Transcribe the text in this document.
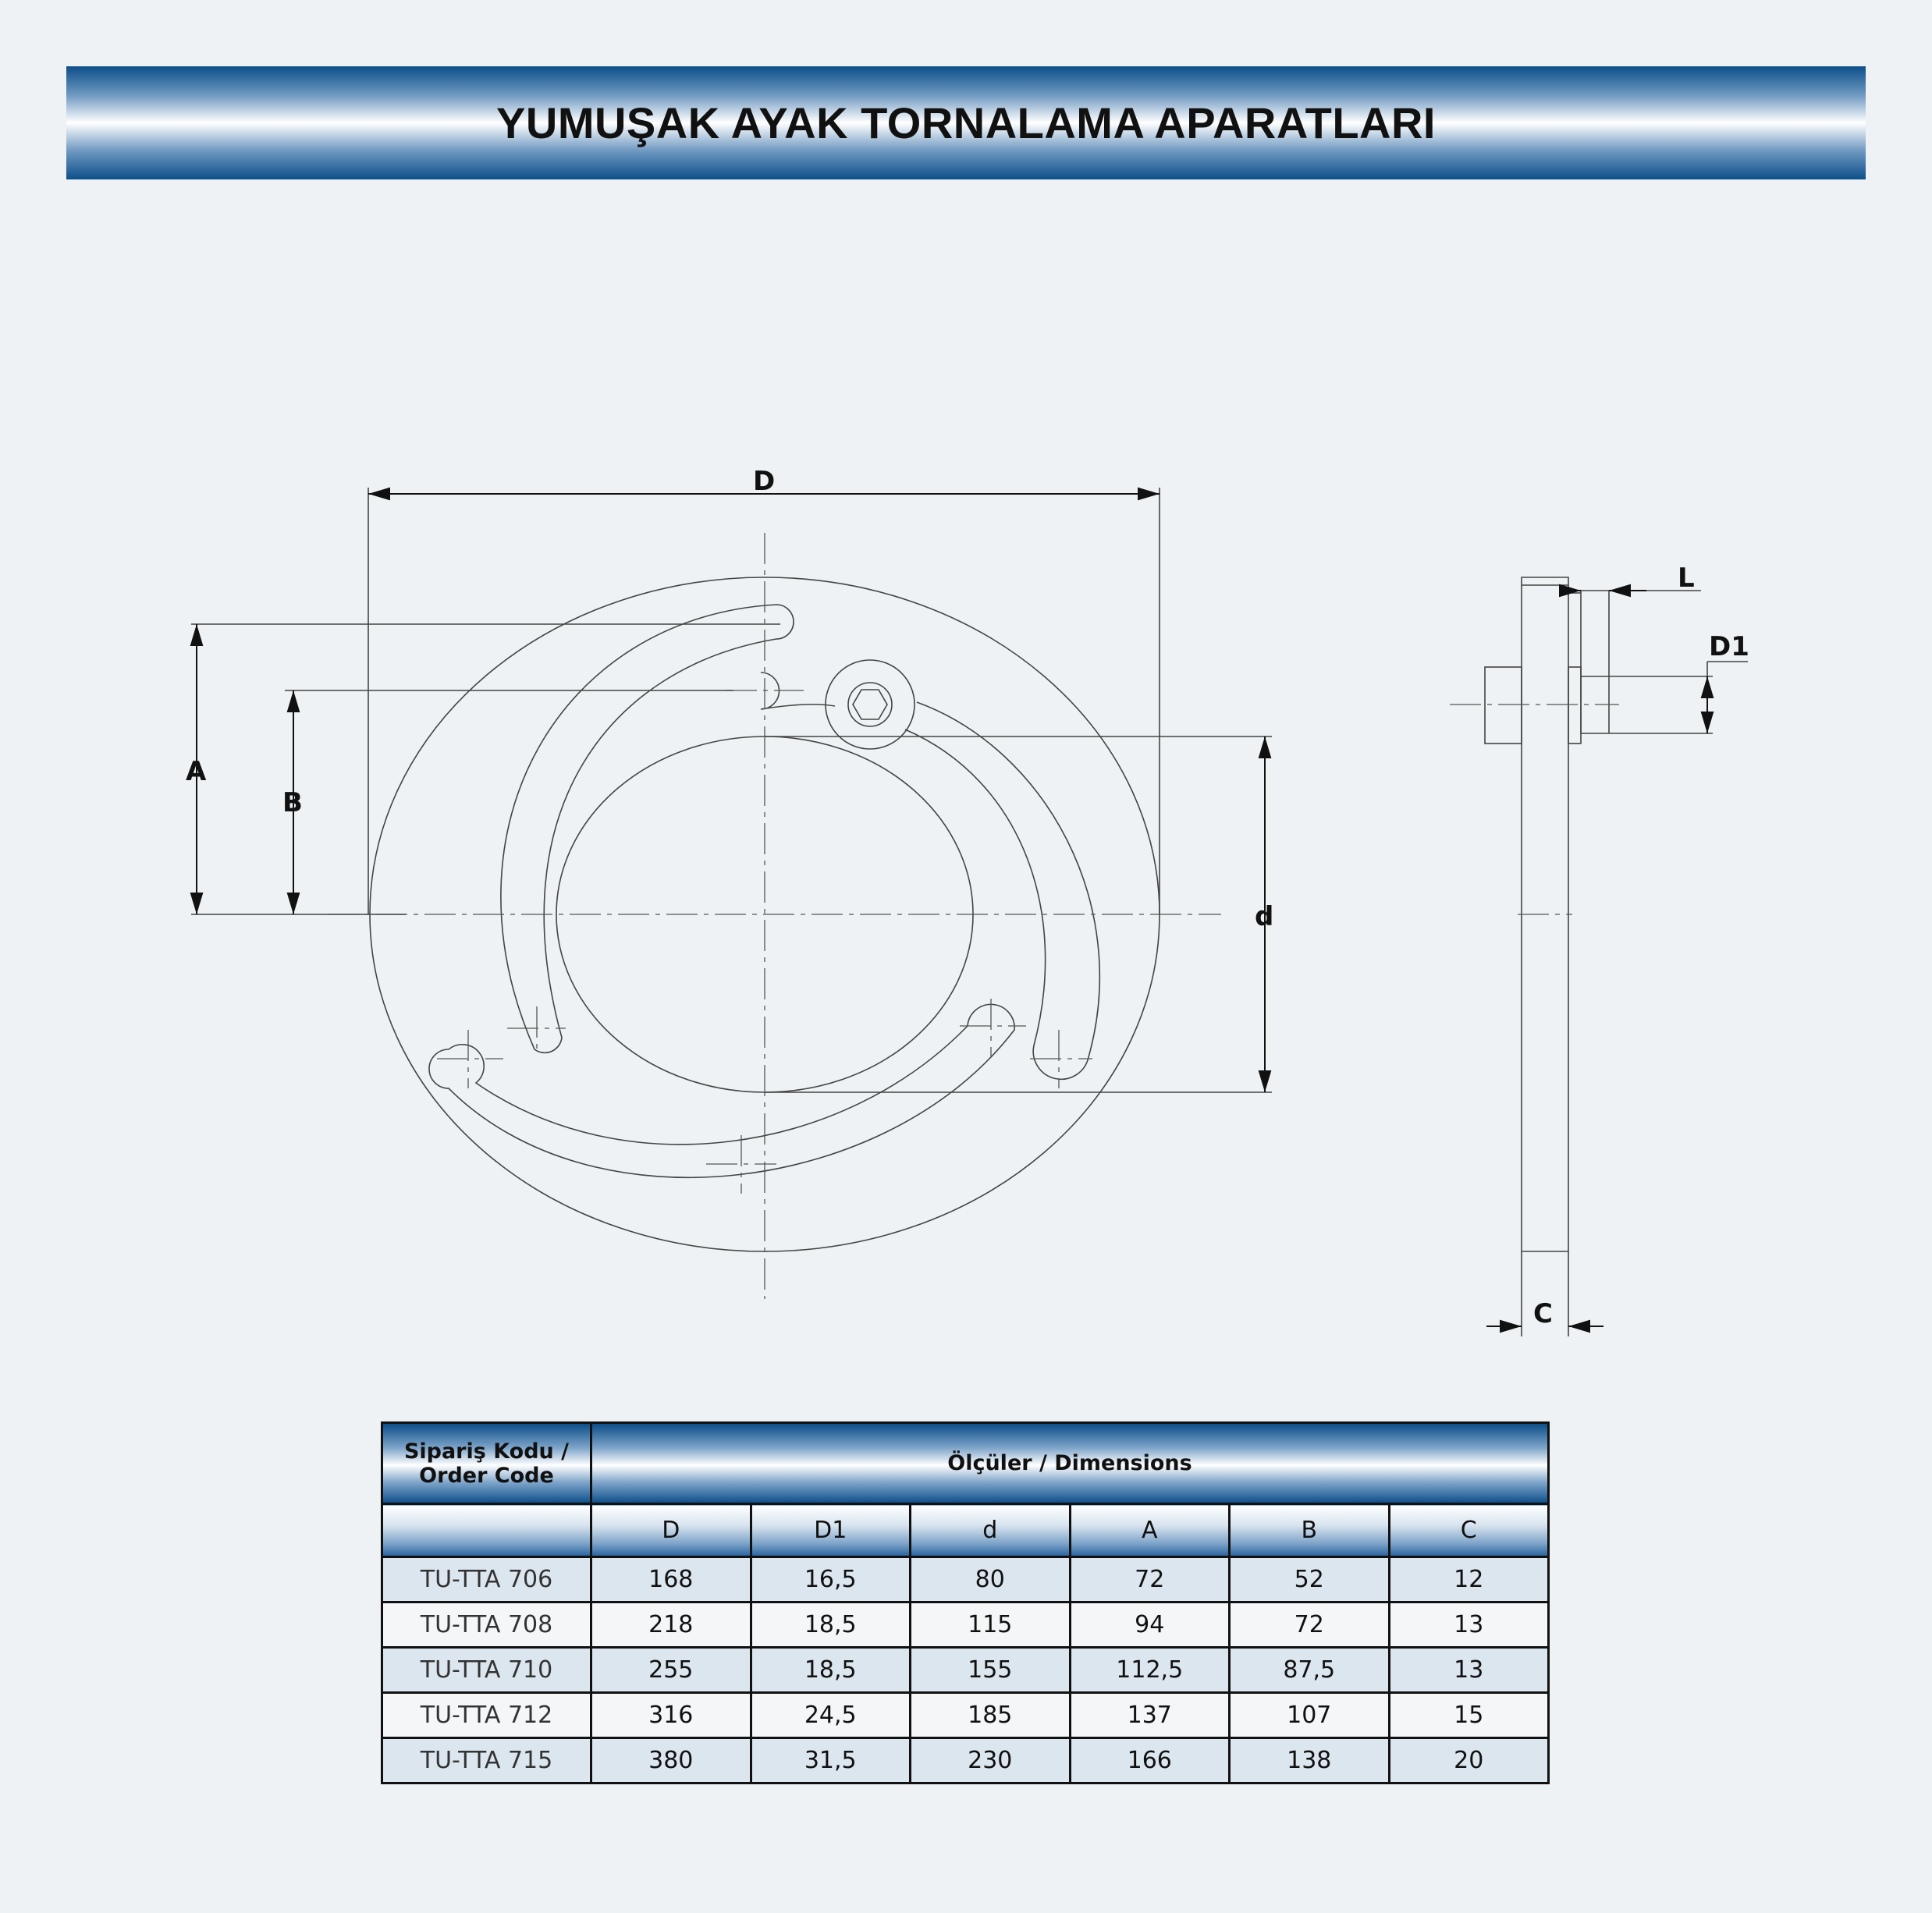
YUMUŞAK AYAK TORNALAMA APARATLARI
D
A
B
d
L
D1
C
Sipariş Kodu /
Order Code	Ölçüler / Dimensions					
	D	D1	d	A	B	C
TU-TTA 706	168	16,5	80	72	52	12
TU-TTA 708	218	18,5	115	94	72	13
TU-TTA 710	255	18,5	155	112,5	87,5	13
TU-TTA 712	316	24,5	185	137	107	15
TU-TTA 715	380	31,5	230	166	138	20
